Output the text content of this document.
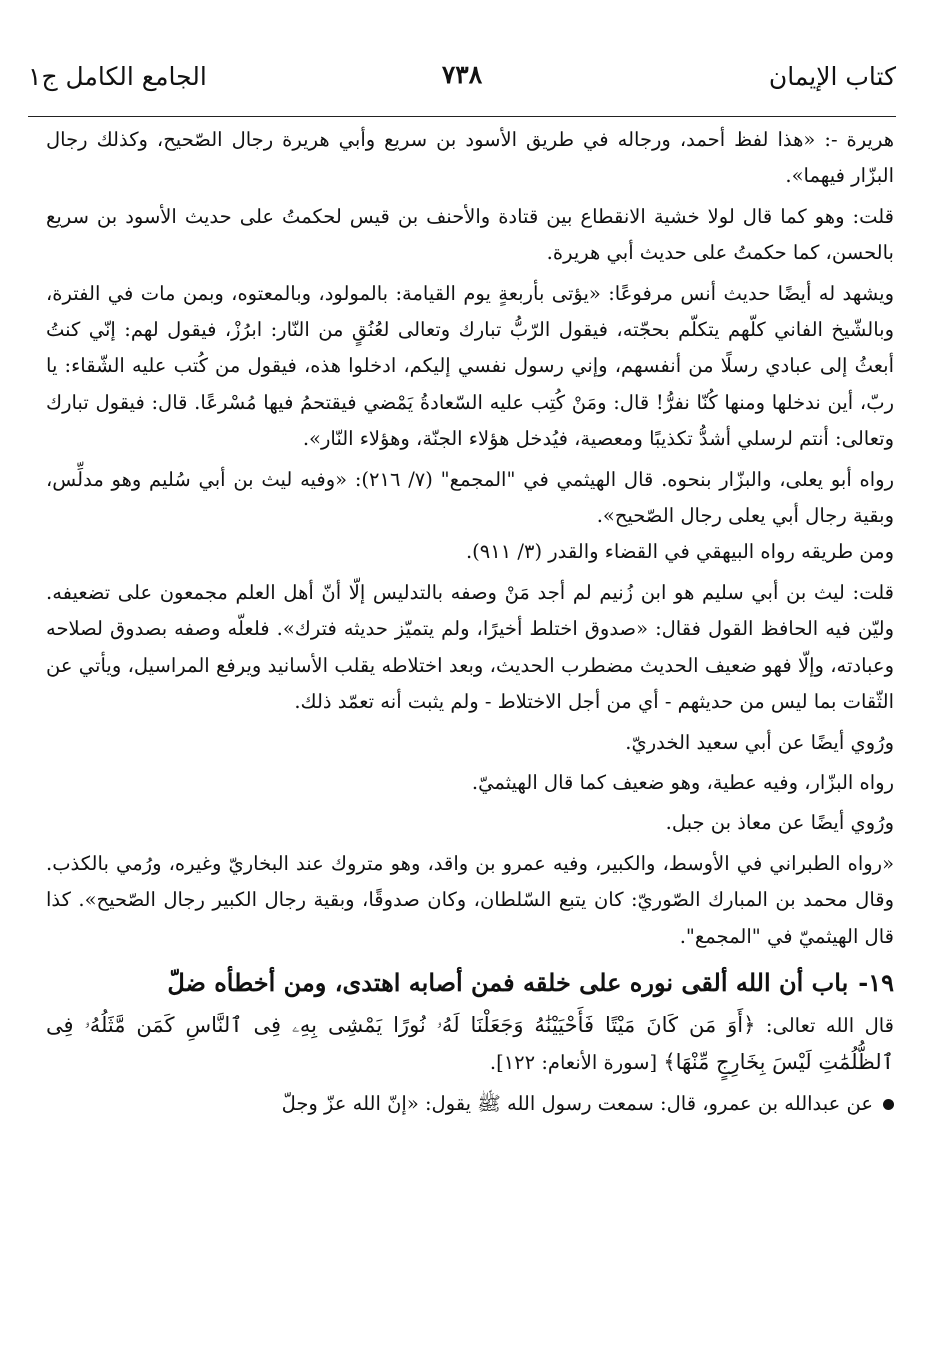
كتاب الإيمان
٧٣٨
الجامع الكامل ج١

هريرة -: «هذا لفظ أحمد، ورجاله في طريق الأسود بن سريع وأبي هريرة رجال الصّحيح، وكذلك رجال البزّار فيهما».

قلت: وهو كما قال لولا خشية الانقطاع بين قتادة والأحنف بن قيس لحكمتُ على حديث الأسود بن سريع بالحسن، كما حكمتُ على حديث أبي هريرة.

ويشهد له أيضًا حديث أنس مرفوعًا: «يؤتى بأربعةٍ يوم القيامة: بالمولود، وبالمعتوه، وبمن مات في الفترة، وبالشّيخ الفاني كلّهم يتكلّم بحجّته، فيقول الرّبُّ تبارك وتعالى لعُنُقٍ من النّار: ابرُزْ، فيقول لهم: إنّي كنتُ أبعثُ إلى عبادي رسلًا من أنفسهم، وإني رسول نفسي إليكم، ادخلوا هذه، فيقول من كُتب عليه الشّقاء: يا ربّ، أين ندخلها ومنها كُنّا نفرُّ! قال: ومَنْ كُتِب عليه السّعادةُ يَمْضي فيقتحمُ فيها مُسْرعًا. قال: فيقول تبارك وتعالى: أنتم لرسلي أشدُّ تكذيبًا ومعصية، فيُدخل هؤلاء الجنّة، وهؤلاء النّار».

رواه أبو يعلى، والبزّار بنحوه. قال الهيثمي في "المجمع" (٧/ ٢١٦): «وفيه ليث بن أبي سُليم وهو مدلِّس، وبقية رجال أبي يعلى رجال الصّحيح».

ومن طريقه رواه البيهقي في القضاء والقدر (٣/ ٩١١).

قلت: ليث بن أبي سليم هو ابن زُنيم لم أجد مَنْ وصفه بالتدليس إلّا أنّ أهل العلم مجمعون على تضعيفه. وليّن فيه الحافظ القول فقال: «صدوق اختلط أخيرًا، ولم يتميّز حديثه فترك». فلعلّه وصفه بصدوق لصلاحه وعبادته، وإلّا فهو ضعيف الحديث مضطرب الحديث، وبعد اختلاطه يقلب الأسانيد ويرفع المراسيل، ويأتي عن الثّقات بما ليس من حديثهم - أي من أجل الاختلاط - ولم يثبت أنه تعمّد ذلك.

ورُوي أيضًا عن أبي سعيد الخدريّ.

رواه البزّار، وفيه عطية، وهو ضعيف كما قال الهيثميّ.

ورُوي أيضًا عن معاذ بن جبل.

«رواه الطبراني في الأوسط، والكبير، وفيه عمرو بن واقد، وهو متروك عند البخاريّ وغيره، ورُمي بالكذب. وقال محمد بن المبارك الصّوريّ: كان يتبع السّلطان، وكان صدوقًا، وبقية رجال الكبير رجال الصّحيح». كذا قال الهيثميّ في "المجمع".

١٩-باب أن الله ألقى نوره على خلقه فمن أصابه اهتدى، ومن أخطأه ضلّ

قال الله تعالى: ﴿أَوَ مَن كَانَ مَيْتًا فَأَحْيَيْنَٰهُ وَجَعَلْنَا لَهُۥ نُورًا يَمْشِى بِهِۦ فِى ٱلنَّاسِ كَمَن مَّثَلُهُۥ فِى ٱلظُّلُمَٰتِ لَيْسَ بِخَارِجٍ مِّنْهَا﴾ [سورة الأنعام: ١٢٢].

عن عبدالله بن عمرو، قال: سمعت رسول الله ﷺ يقول: «إنّ الله عزّ وجلّ
